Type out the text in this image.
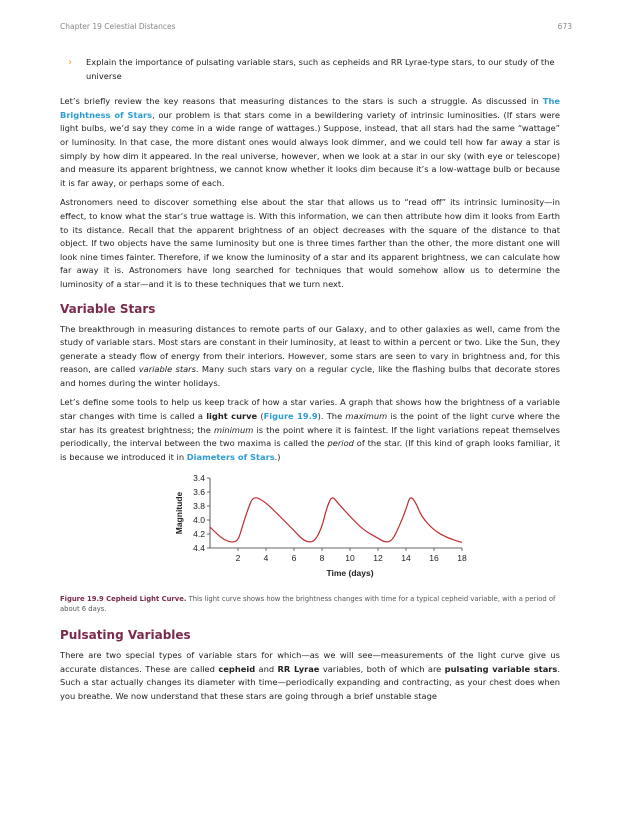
Chapter 19 Celestial Distances	673
›	Explain the importance of pulsating variable stars, such as cepheids and RR Lyrae-type stars, to our study of the universe

Let’s briefly review the key reasons that measuring distances to the stars is such a struggle. As discussed in The Brightness of Stars, our problem is that stars come in a bewildering variety of intrinsic luminosities. (If stars were light bulbs, we’d say they come in a wide range of wattages.) Suppose, instead, that all stars had the same “wattage” or luminosity. In that case, the more distant ones would always look dimmer, and we could tell how far away a star is simply by how dim it appeared. In the real universe, however, when we look at a star in our sky (with eye or telescope) and measure its apparent brightness, we cannot know whether it looks dim because it’s a low-wattage bulb or because it is far away, or perhaps some of each.

Astronomers need to discover something else about the star that allows us to “read off” its intrinsic luminosity—in effect, to know what the star’s true wattage is. With this information, we can then attribute how dim it looks from Earth to its distance. Recall that the apparent brightness of an object decreases with the square of the distance to that object. If two objects have the same luminosity but one is three times farther than the other, the more distant one will look nine times fainter. Therefore, if we know the luminosity of a star and its apparent brightness, we can calculate how far away it is. Astronomers have long searched for techniques that would somehow allow us to determine the luminosity of a star—and it is to these techniques that we turn next.

Variable Stars

The breakthrough in measuring distances to remote parts of our Galaxy, and to other galaxies as well, came from the study of variable stars. Most stars are constant in their luminosity, at least to within a percent or two. Like the Sun, they generate a steady flow of energy from their interiors. However, some stars are seen to vary in brightness and, for this reason, are called variable stars. Many such stars vary on a regular cycle, like the flashing bulbs that decorate stores and homes during the winter holidays.

Let’s define some tools to help us keep track of how a star varies. A graph that shows how the brightness of a variable star changes with time is called a light curve (Figure 19.9). The maximum is the point of the light curve where the star has its greatest brightness; the minimum is the point where it is faintest. If the light variations repeat themselves periodically, the interval between the two maxima is called the period of the star. (If this kind of graph looks familiar, it is because we introduced it in Diameters of Stars.)

3.4
3.6
3.8
4.0
4.2
4.4
2	4	6	8 10 12 14 16 18
Time (days)
Magnitude
Figure 19.9 Cepheid Light Curve. This light curve shows how the brightness changes with time for a typical cepheid variable, with a period of about 6 days.
Pulsating Variables

There are two special types of variable stars for which—as we will see—measurements of the light curve give us accurate distances. These are called cepheid and RR Lyrae variables, both of which are pulsating variable stars. Such a star actually changes its diameter with time—periodically expanding and contracting, as your chest does when you breathe. We now understand that these stars are going through a brief unstable stage
